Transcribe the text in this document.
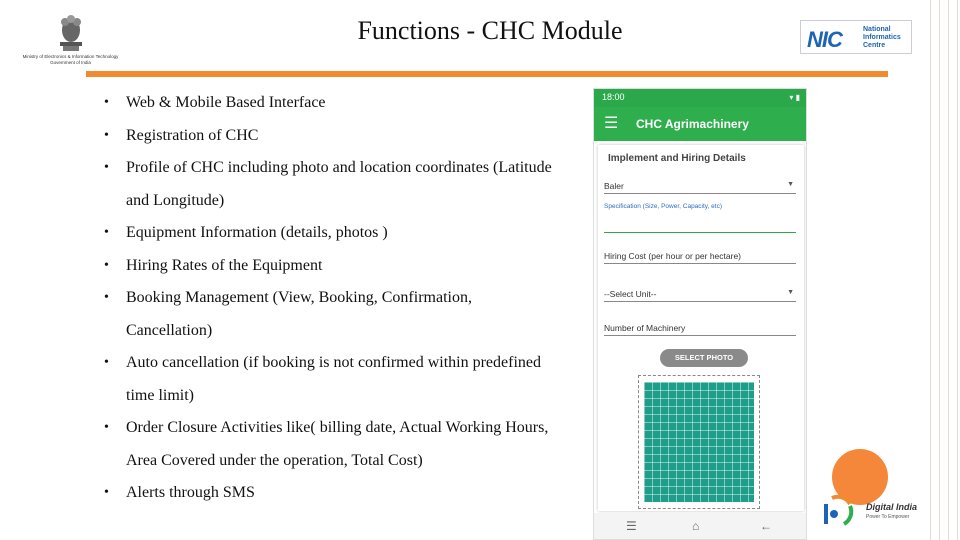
Ministry of Electronics & Information Technology Government of India
Functions - CHC Module	NIC	National
Informatics
Centre
• Web & Mobile Based Interface
• Registration of CHC
• Profile of CHC including photo and location coordinates (Latitude
and Longitude)
• Equipment Information (details, photos )
• Hiring Rates of the Equipment
• Booking Management (View, Booking, Confirmation,
Cancellation)
• Auto cancellation (if booking is not confirmed within predefined
time limit)
• Order Closure Activities like( billing date, Actual Working Hours,
Area Covered under the operation, Total Cost)
• Alerts through SMS
18:00	▾ ▮
☰ CHC Agrimachinery
Implement and Hiring Details
Baler	▼
Specification (Size, Power, Capacity, etc)
Hiring Cost (per hour or per hectare)
--Select Unit--	▼
Number of Machinery
SELECT PHOTO
☰	⌂	←
Digital India
Power To Empower
